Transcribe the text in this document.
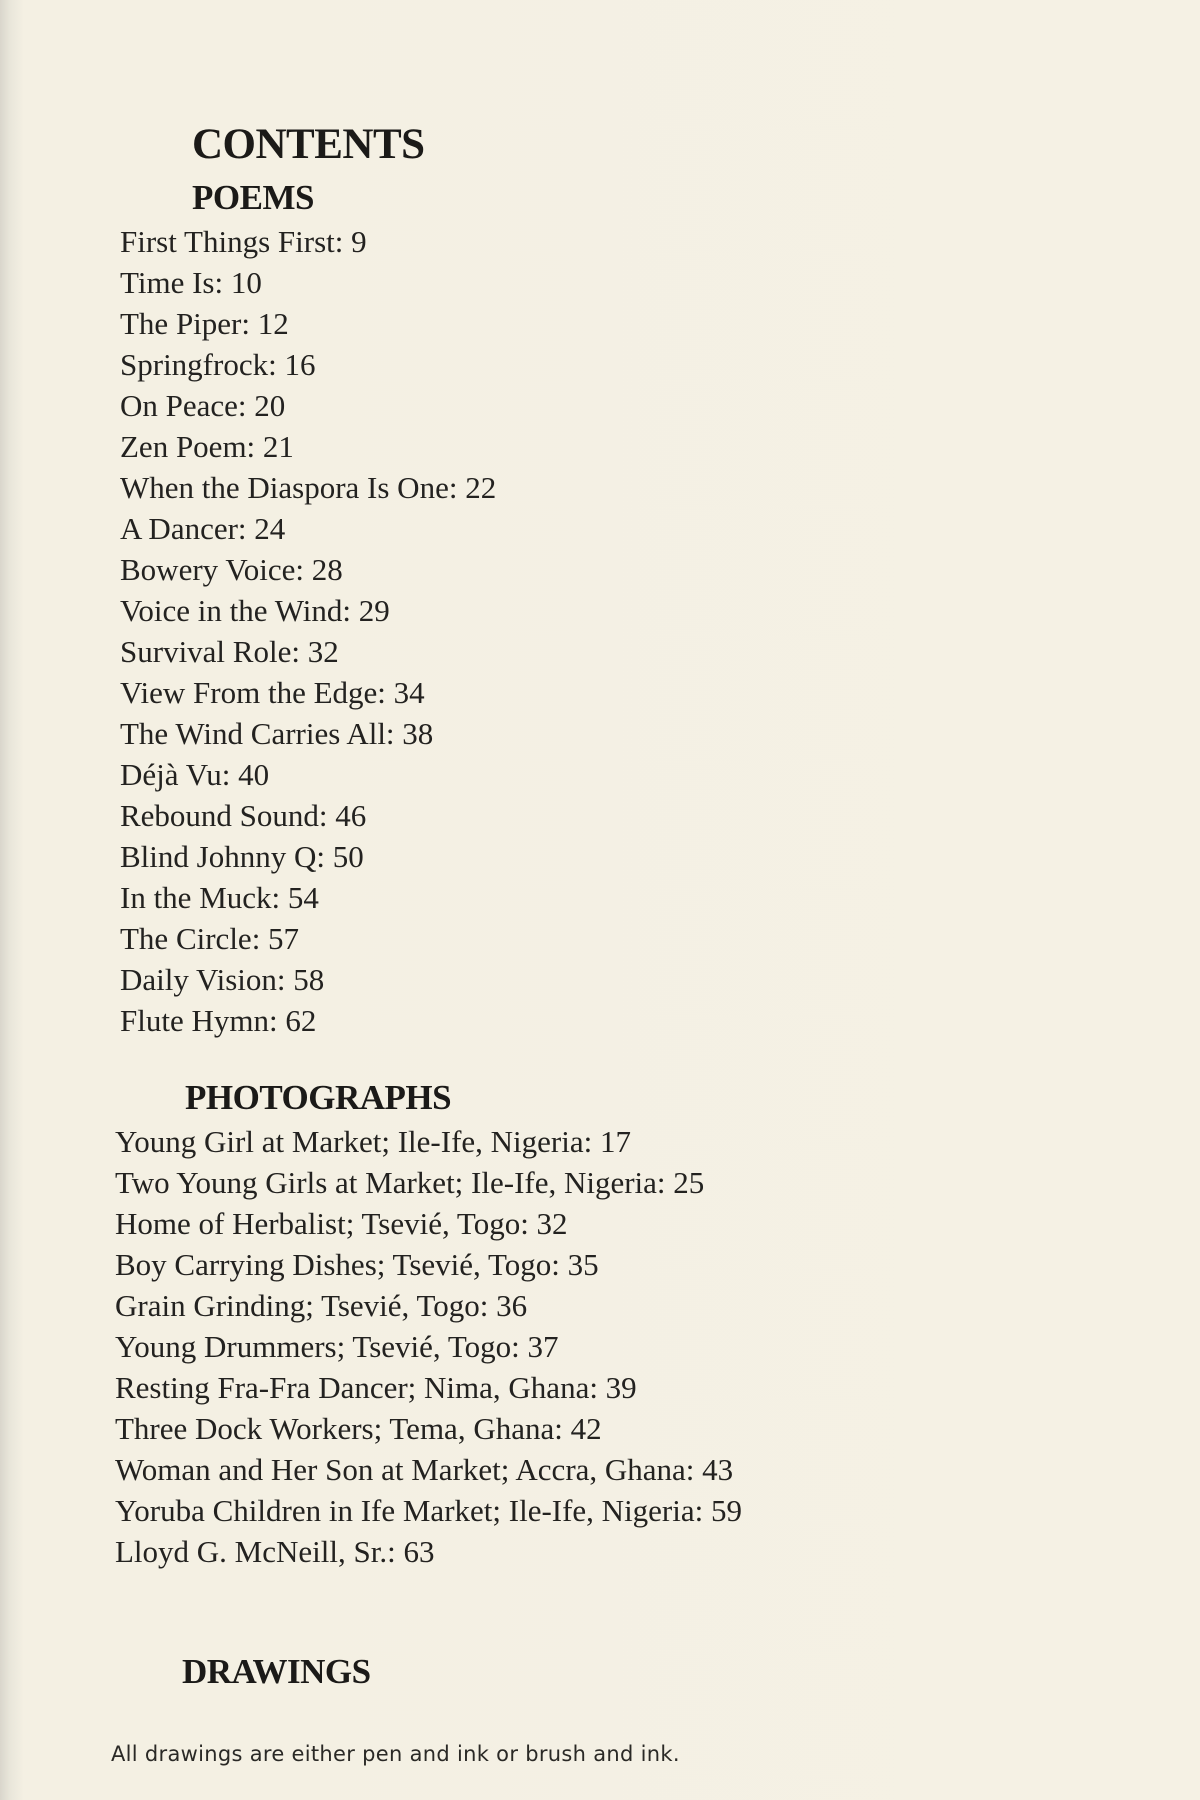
CONTENTS
POEMS
First Things First: 9
Time Is: 10
The Piper: 12
Springfrock: 16
On Peace: 20
Zen Poem: 21
When the Diaspora Is One: 22
A Dancer: 24
Bowery Voice: 28
Voice in the Wind: 29
Survival Role: 32
View From the Edge: 34
The Wind Carries All: 38
Déjà Vu: 40
Rebound Sound: 46
Blind Johnny Q: 50
In the Muck: 54
The Circle: 57
Daily Vision: 58
Flute Hymn: 62
PHOTOGRAPHS
Young Girl at Market; Ile-Ife, Nigeria: 17
Two Young Girls at Market; Ile-Ife, Nigeria: 25
Home of Herbalist; Tsevié, Togo: 32
Boy Carrying Dishes; Tsevié, Togo: 35
Grain Grinding; Tsevié, Togo: 36
Young Drummers; Tsevié, Togo: 37
Resting Fra-Fra Dancer; Nima, Ghana: 39
Three Dock Workers; Tema, Ghana: 42
Woman and Her Son at Market; Accra, Ghana: 43
Yoruba Children in Ife Market; Ile-Ife, Nigeria: 59
Lloyd G. McNeill, Sr.: 63
DRAWINGS

All drawings are either pen and ink or brush and ink.
